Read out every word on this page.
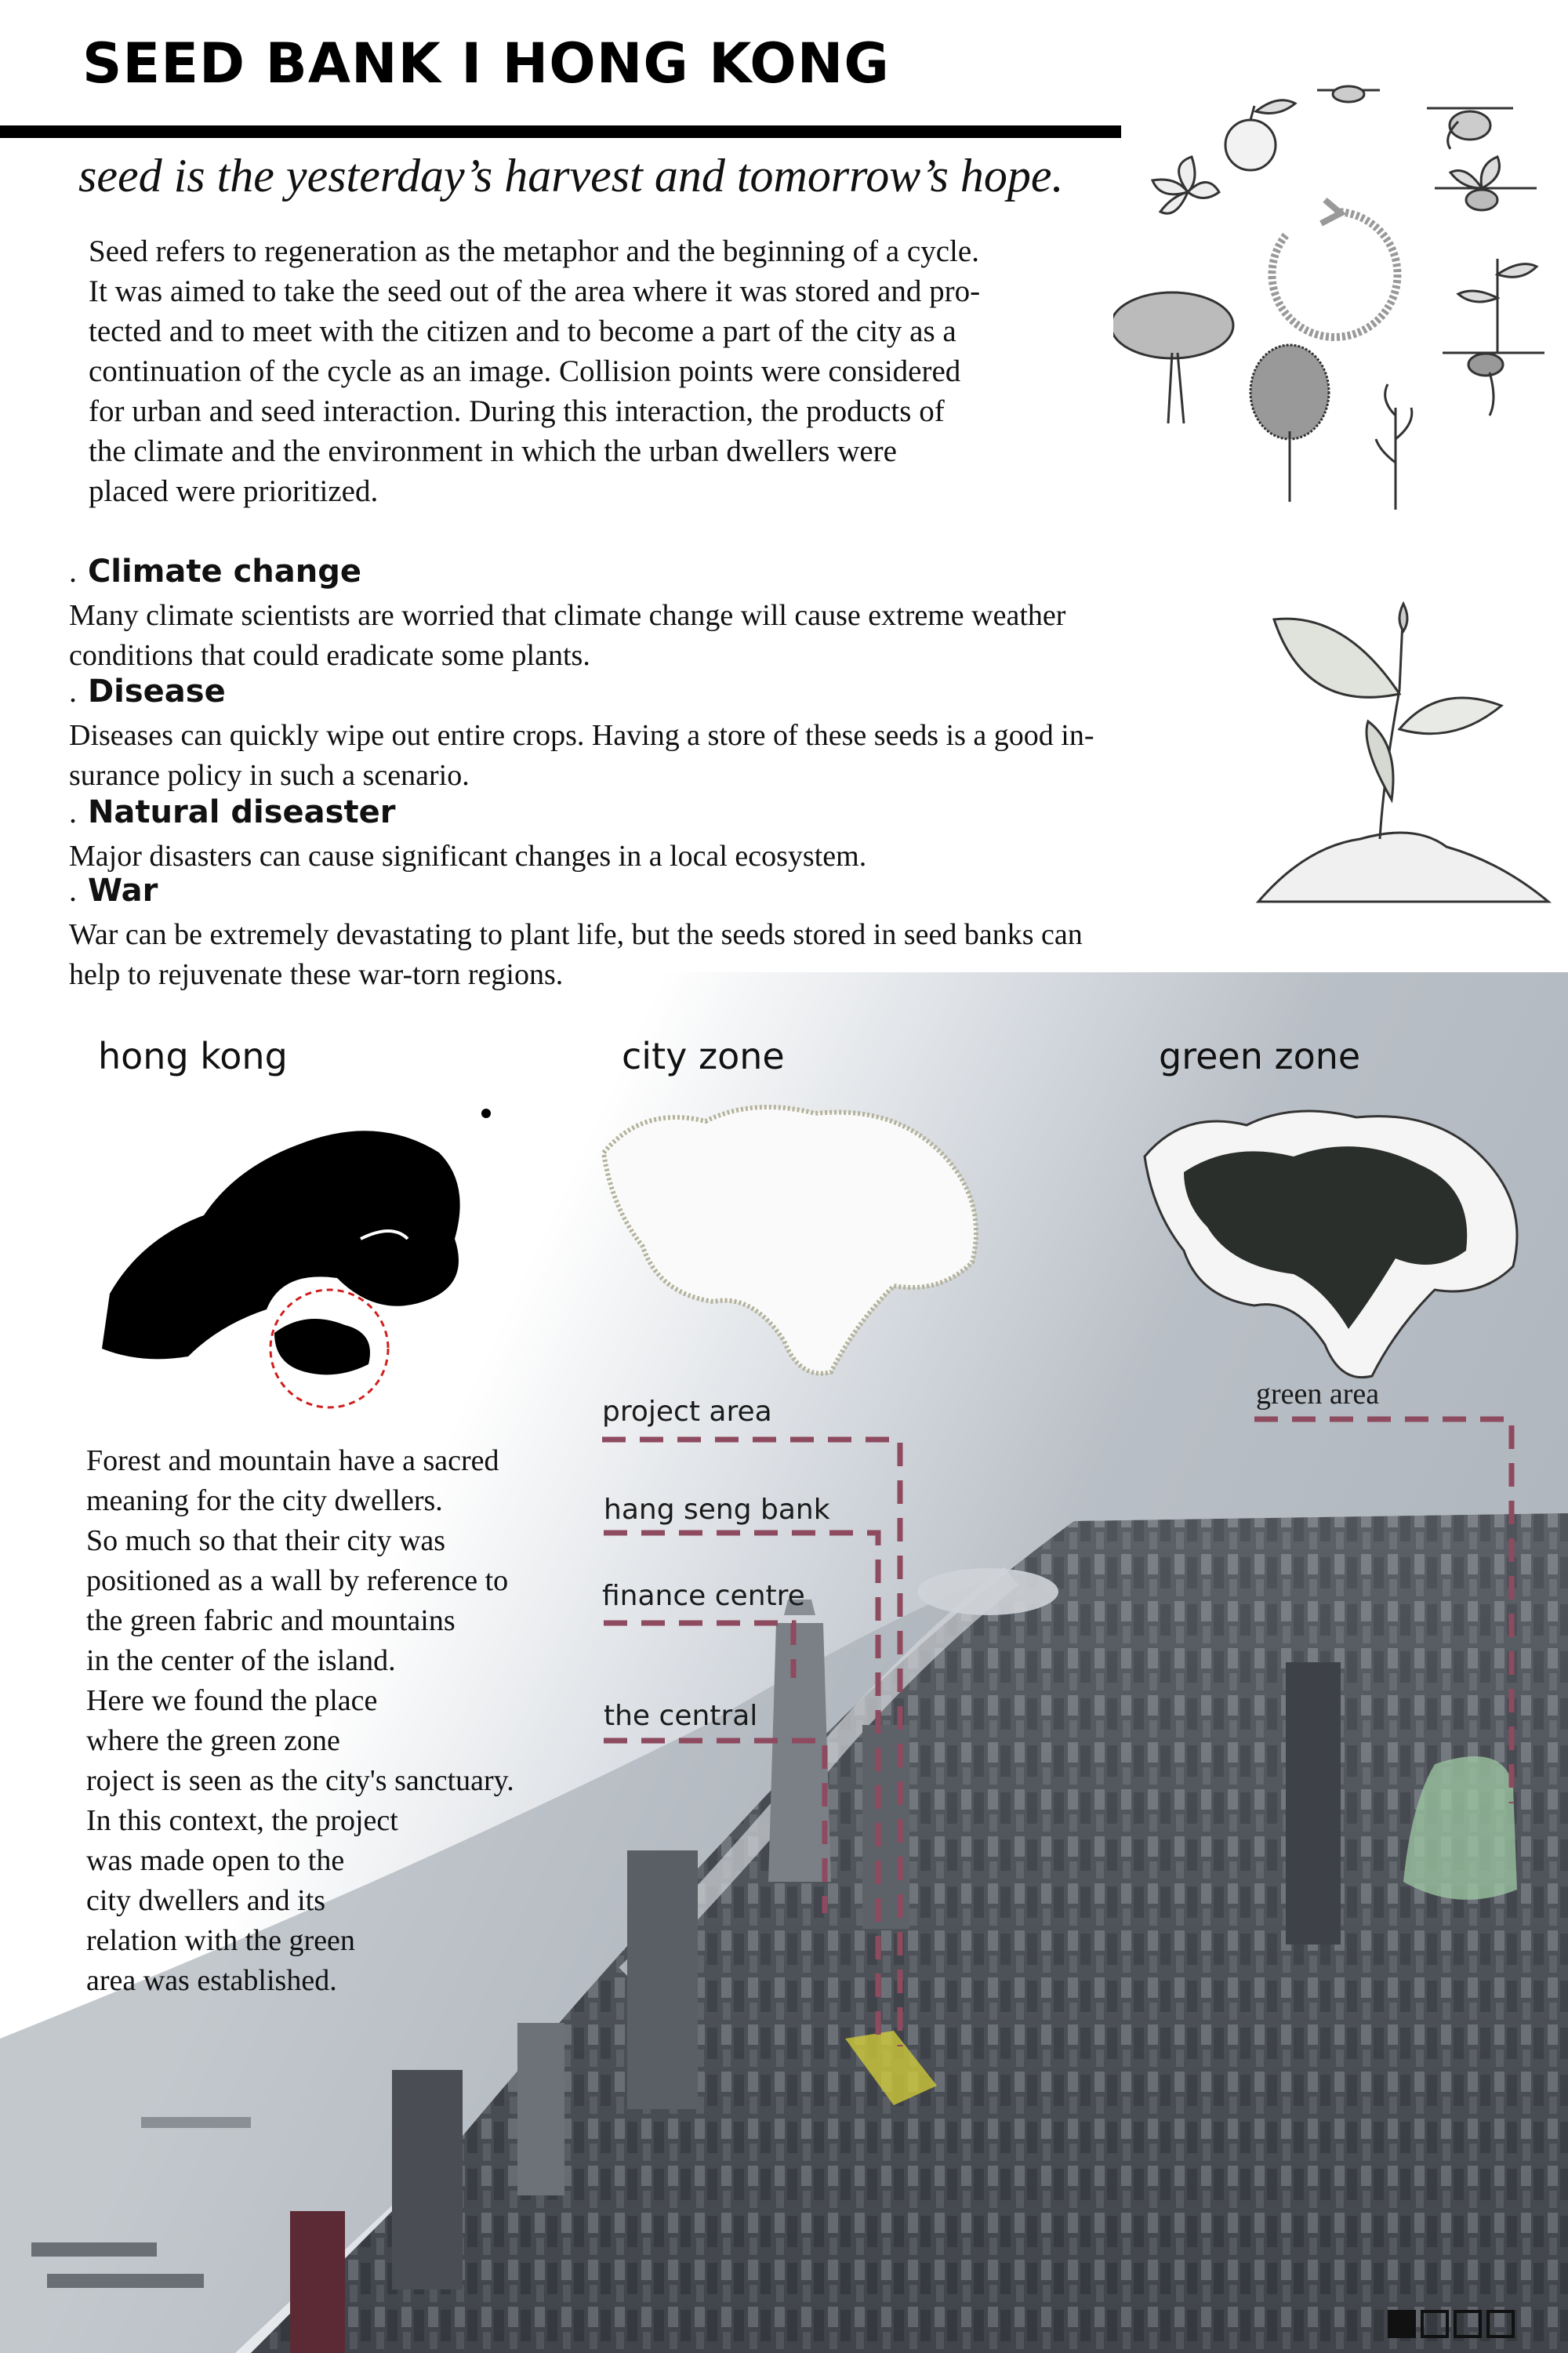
SEED BANK I HONG KONG
seed is the yesterday’s harvest and tomorrow’s hope.

Seed refers to regeneration as the metaphor and the beginning of a cycle.

It was aimed to take the seed out of the area where it was stored and pro-

tected and to meet with the citizen and to become a part of the city as a

continuation of the cycle as an image. Collision points were considered

for urban and seed interaction. During this interaction, the products of

the climate and the environment in which the urban dwellers were

placed were prioritized.

. Climate change

Many climate scientists are worried that climate change will cause extreme weather

conditions that could eradicate some plants.

. Disease

Diseases can quickly wipe out entire crops. Having a store of these seeds is a good in-

surance policy in such a scenario.

. Natural diseaster

Major disasters can cause significant changes in a local ecosystem.

. War

War can be extremely devastating to plant life, but the seeds stored in seed banks can

help to rejuvenate these war-torn regions.

hong kong	city zone	green zone

Forest and mountain have a sacred

meaning for the city dwellers.

So much so that their city was

positioned as a wall by reference to

the green fabric and mountains

in the center of the island.

Here we found the place

where the green zone

roject is seen as the city's sanctuary.

In this context, the project

was made open to the

city dwellers and its

relation with the green

area was established.

project area
hang seng bank
finance centre
the central
green area
